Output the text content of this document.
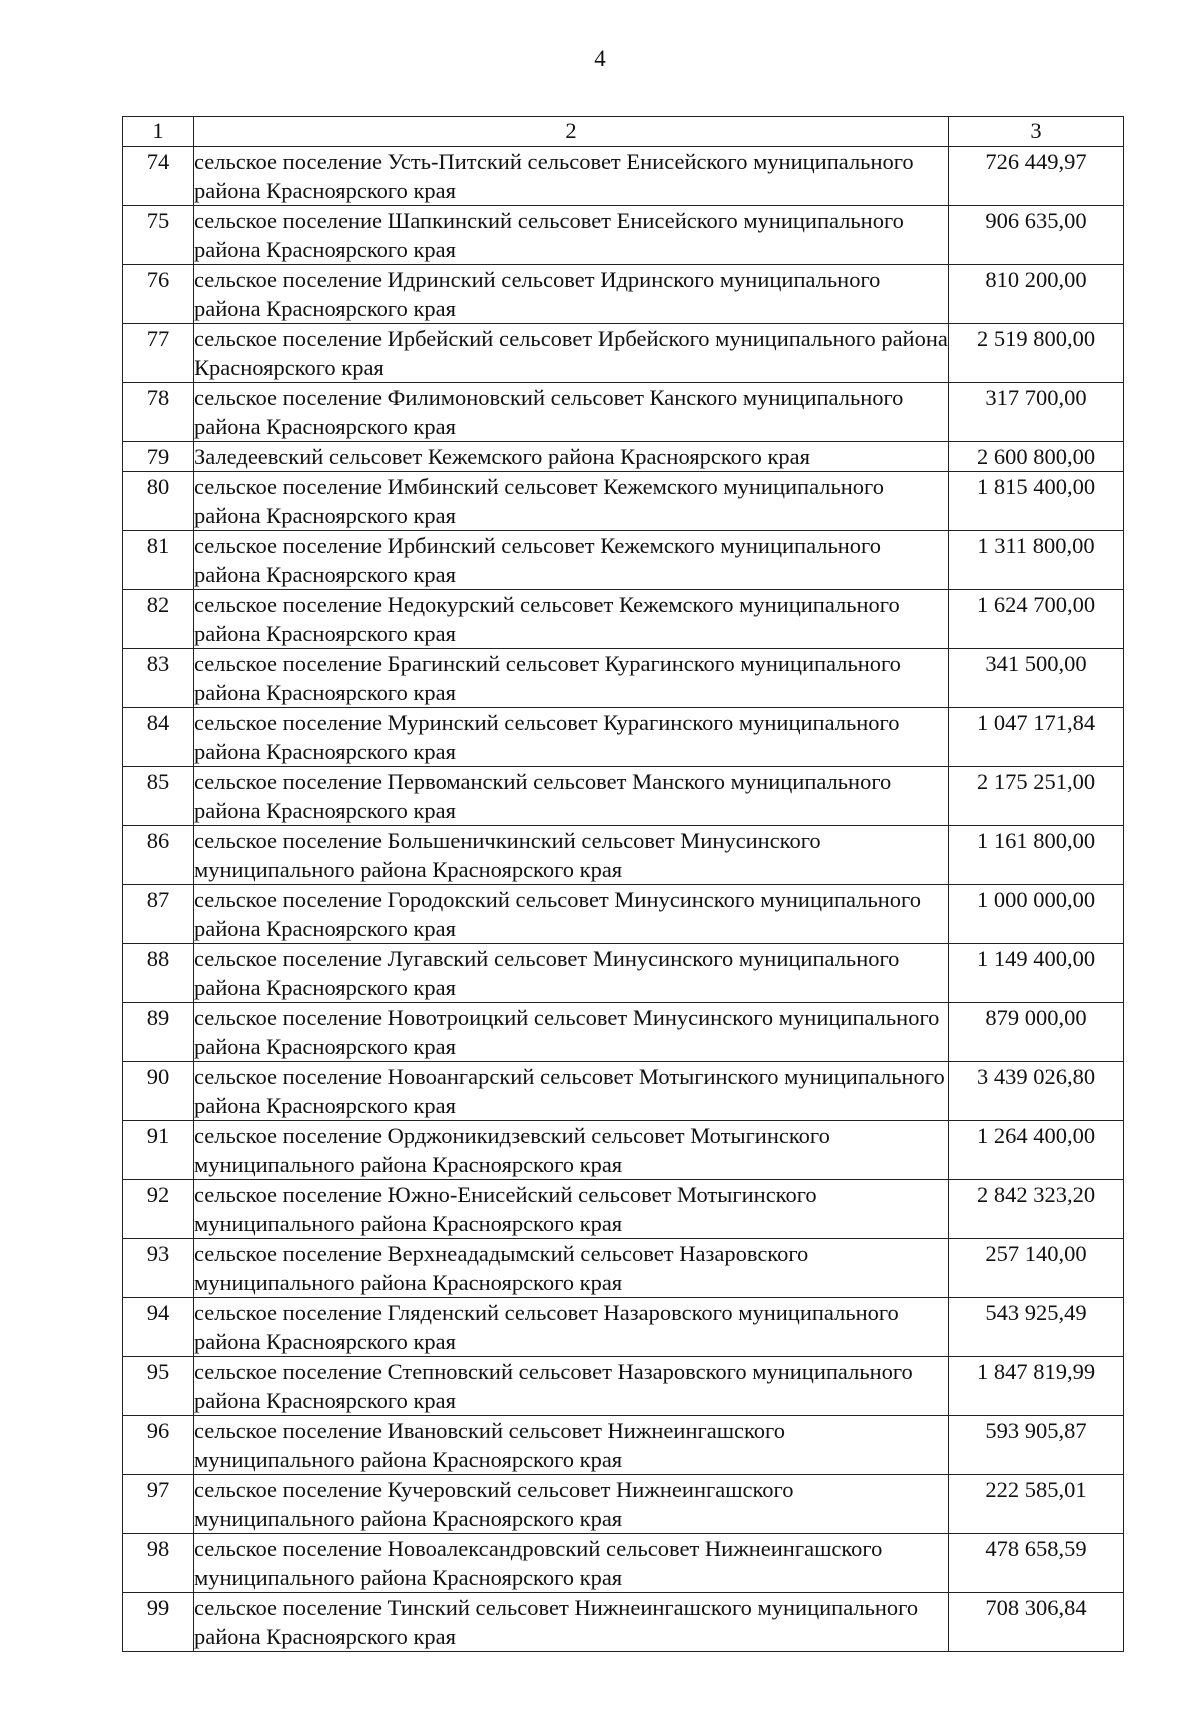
4
1	2	3
74	сельское поселение Усть-Питский сельсовет Енисейского муниципального района Красноярского края	726 449,97
75	сельское поселение Шапкинский сельсовет Енисейского муниципального района Красноярского края	906 635,00
76	сельское поселение Идринский сельсовет Идринского муниципального района Красноярского края	810 200,00
77	сельское поселение Ирбейский сельсовет Ирбейского муниципального района Красноярского края	2 519 800,00
78	сельское поселение Филимоновский сельсовет Канского муниципального района Красноярского края	317 700,00
79	Заледеевский сельсовет Кежемского района Красноярского края	2 600 800,00
80	сельское поселение Имбинский сельсовет Кежемского муниципального района Красноярского края	1 815 400,00
81	сельское поселение Ирбинский сельсовет Кежемского муниципального района Красноярского края	1 311 800,00
82	сельское поселение Недокурский сельсовет Кежемского муниципального района Красноярского края	1 624 700,00
83	сельское поселение Брагинский сельсовет Курагинского муниципального района Красноярского края	341 500,00
84	сельское поселение Муринский сельсовет Курагинского муниципального района Красноярского края	1 047 171,84
85	сельское поселение Первоманский сельсовет Манского муниципального района Красноярского края	2 175 251,00
86	сельское поселение Большеничкинский сельсовет Минусинского муниципального района Красноярского края	1 161 800,00
87	сельское поселение Городокский сельсовет Минусинского муниципального района Красноярского края	1 000 000,00
88	сельское поселение Лугавский сельсовет Минусинского муниципального района Красноярского края	1 149 400,00
89	сельское поселение Новотроицкий сельсовет Минусинского муниципального района Красноярского края	879 000,00
90	сельское поселение Новоангарский сельсовет Мотыгинского муниципального района Красноярского края	3 439 026,80
91	сельское поселение Орджоникидзевский сельсовет Мотыгинского муниципального района Красноярского края	1 264 400,00
92	сельское поселение Южно-Енисейский сельсовет Мотыгинского муниципального района Красноярского края	2 842 323,20
93	сельское поселение Верхнеададымский сельсовет Назаровского муниципального района Красноярского края	257 140,00
94	сельское поселение Гляденский сельсовет Назаровского муниципального района Красноярского края	543 925,49
95	сельское поселение Степновский сельсовет Назаровского муниципального района Красноярского края	1 847 819,99
96	сельское поселение Ивановский сельсовет Нижнеингашского муниципального района Красноярского края	593 905,87
97	сельское поселение Кучеровский сельсовет Нижнеингашского муниципального района Красноярского края	222 585,01
98	сельское поселение Новоалександровский сельсовет Нижнеингашского муниципального района Красноярского края	478 658,59
99	сельское поселение Тинский сельсовет Нижнеингашского муниципального района Красноярского края	708 306,84
